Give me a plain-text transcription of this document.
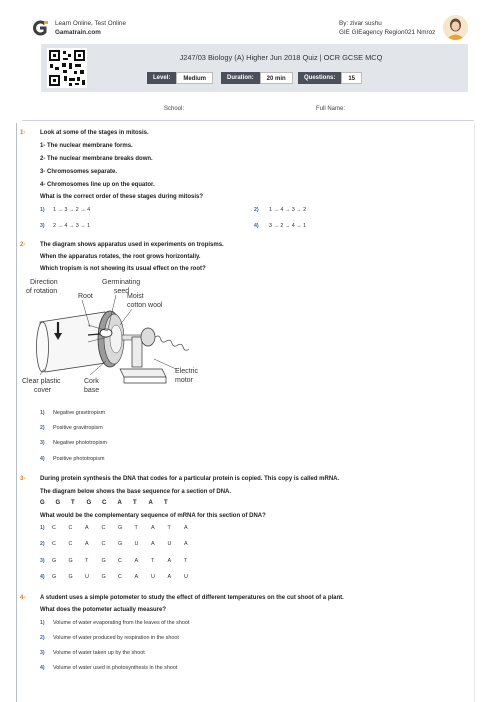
Learn Online, Test Online
Gamatrain.com
By: zivar sushu
GIE GIEagency Region021 Nmroz
J247/03 Biology (A) Higher Jun 2018 Quiz | OCR GCSE MCQ
Level:	Medium	Duration:	20 min	Questions:	15
School:	Full Name:
1- Look at some of the stages in mitosis.
1- The nuclear membrane forms.
2- The nuclear membrane breaks down.
3- Chromosomes separate.
4- Chromosomes line up on the equator.
What is the correct order of these stages during mitosis?
1) 1 → 3 → 2 → 4	2) 1 → 4 → 3 → 2
3) 2 → 4 → 3 → 1	4) 3 → 2 → 4 → 1
2- The diagram shows apparatus used in experiments on tropisms.
When the apparatus rotates, the root grows horizontally.
Which tropism is not showing its usual effect on the root?
Direction
of rotation
Root
Germinating
seed
Moist
cotton wool
Clear plastic
cover
Cork
base
Electric
motor
1) Negative gravitropism
2) Positive gravitropism
3) Negative phototropism
4) Positive phototropism
3- During protein synthesis the DNA that codes for a particular protein is copied. This copy is called mRNA.
The diagram below shows the base sequence for a section of DNA.
G G T G C A T A T
What would be the complementary sequence of mRNA for this section of DNA?
1) C C A C G T A T A
2) C C A C G U A U A
3) G G T G C A T A T
4) G G U G C A U A U
4- A student uses a simple potometer to study the effect of different temperatures on the cut shoot of a plant.
What does the potometer actually measure?
1) Volume of water evaporating from the leaves of the shoot
2) Volume of water produced by respiration in the shoot
3) Volume of water taken up by the shoot
4) Volume of water used in photosynthesis in the shoot
